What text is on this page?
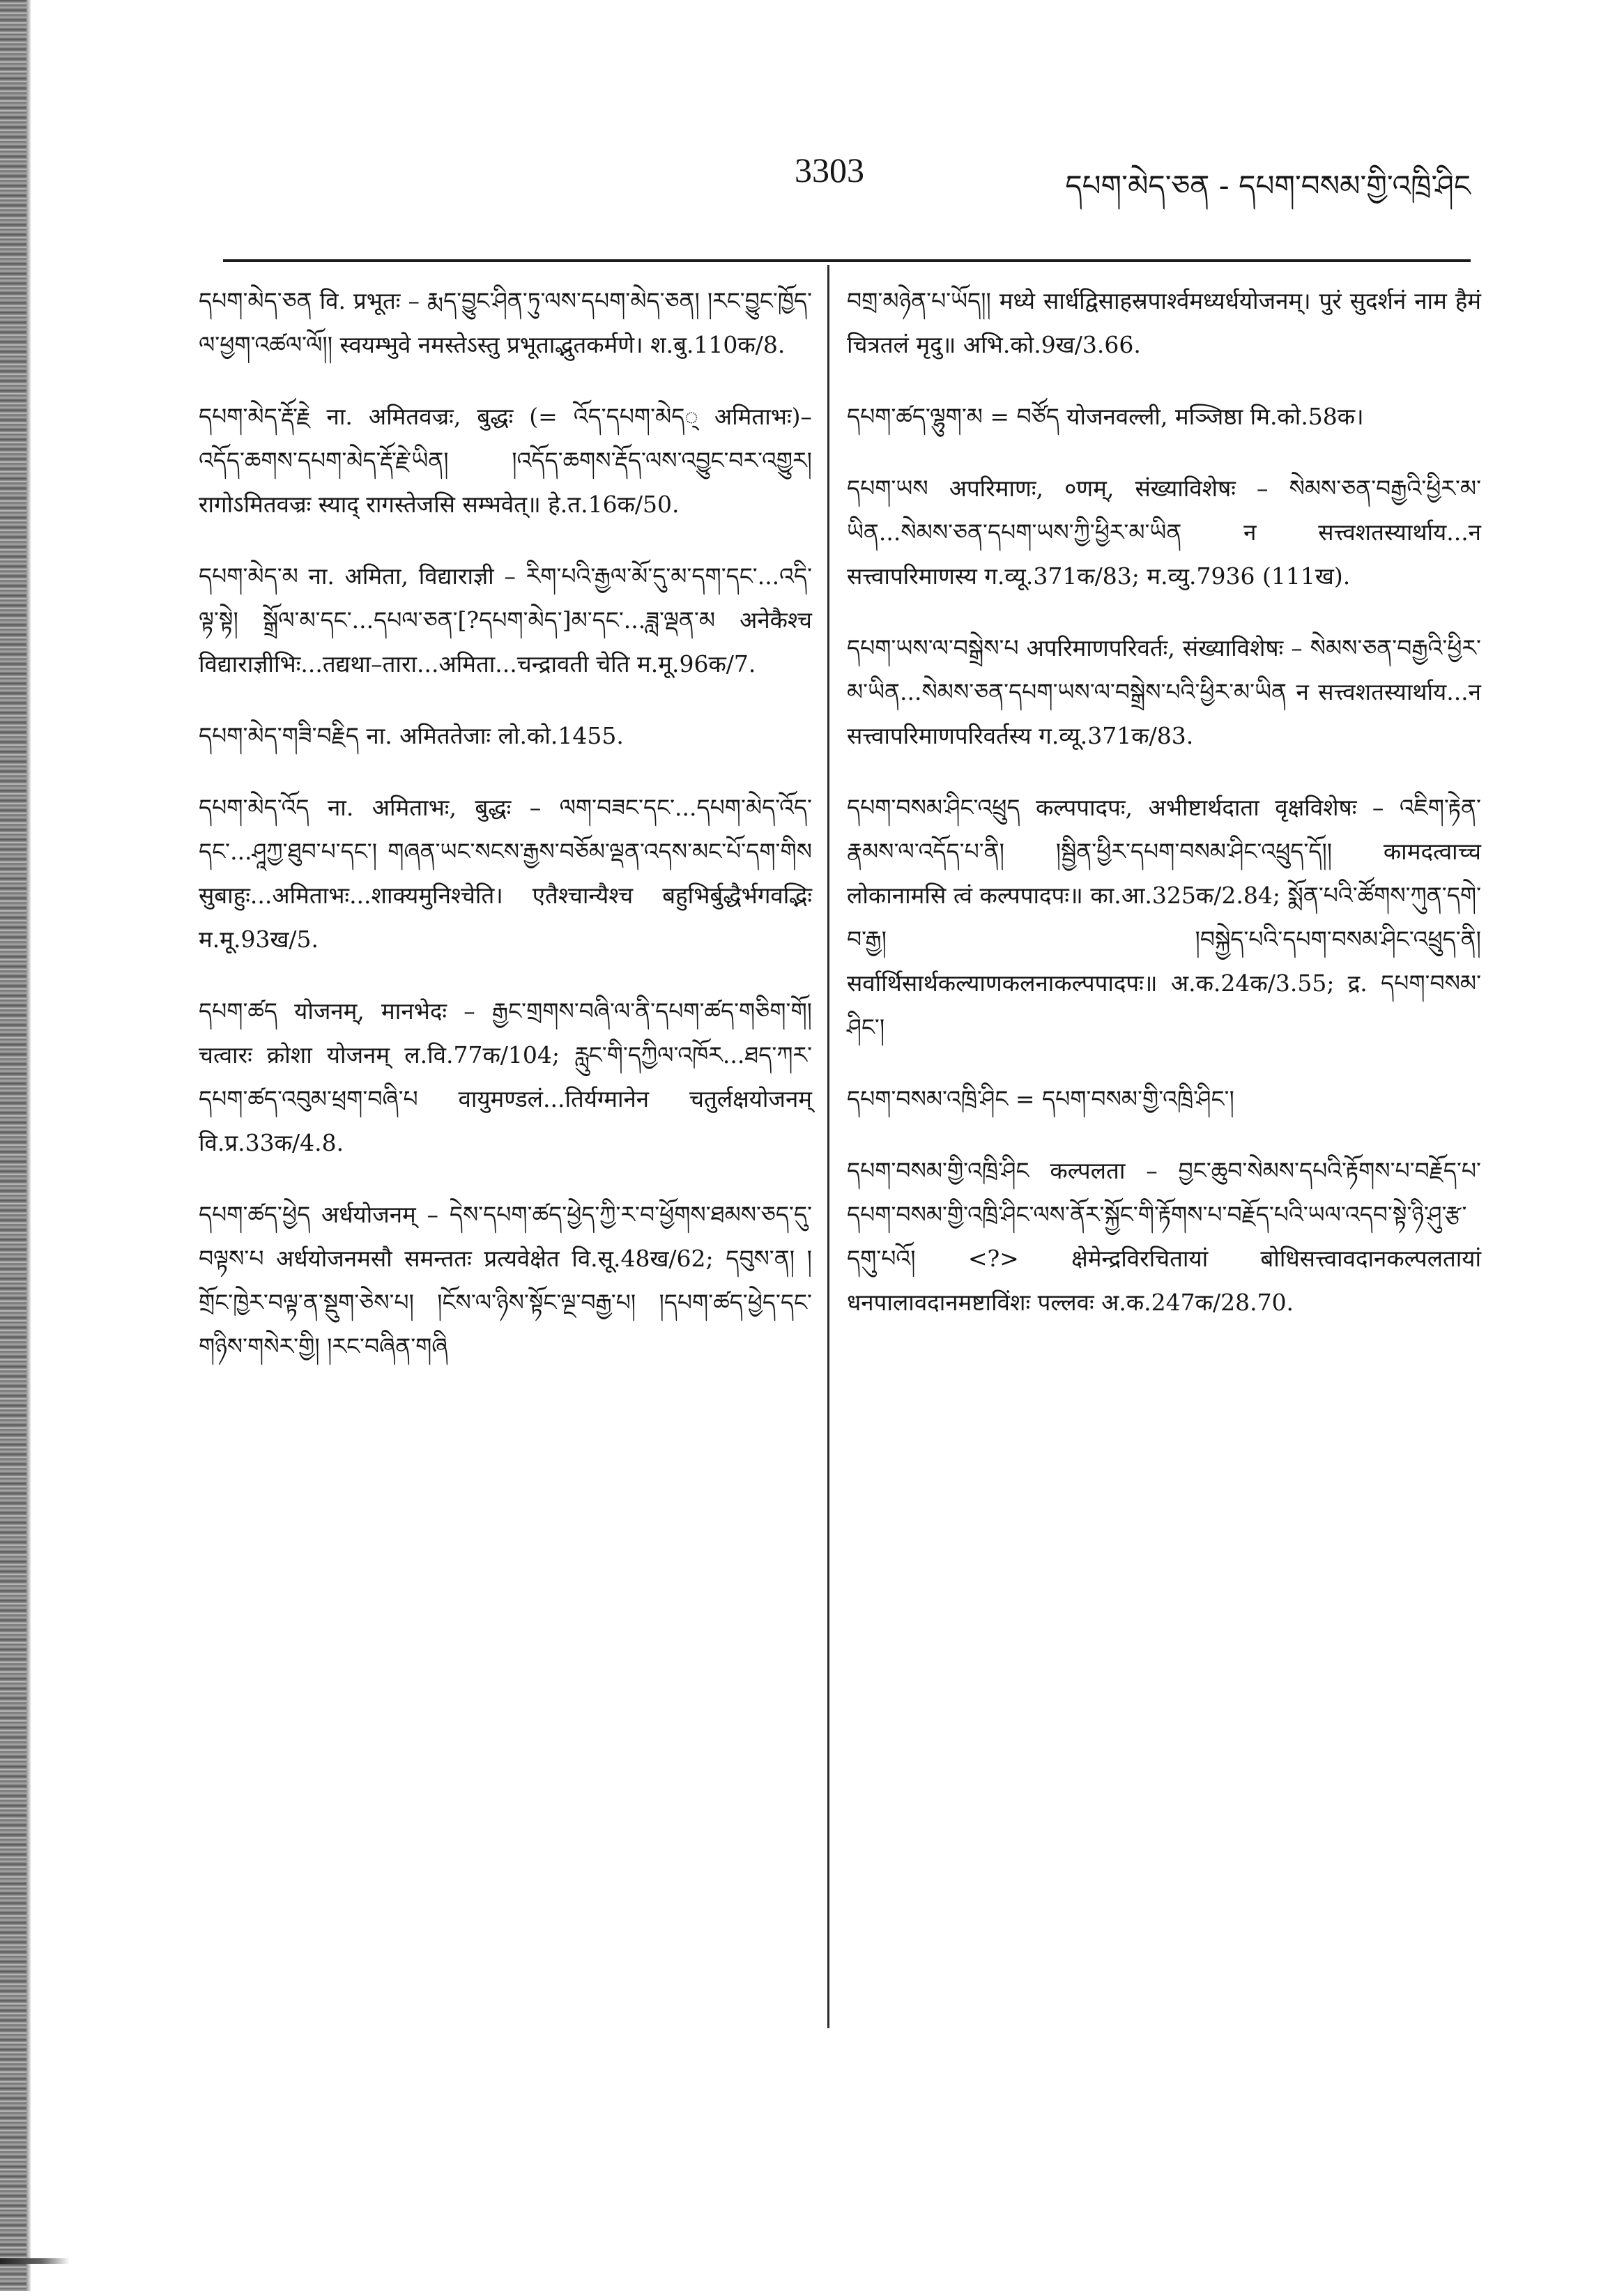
3303	དཔག་མེད་ཅན - དཔག་བསམ་གྱི་འཁྲི་ཤིང

དཔག་མེད་ཅན वि. प्रभूतः – རྨད་བྱུང་ཤིན་ཏུ་ལས་དཔག་མེད་ཅན། །རང་བྱུང་ཁྱོད་ལ་ཕྱག་འཚལ་ལོ།། स्वयम्भुवे नमस्तेऽस्तु प्रभूताद्भुतकर्मणे। श.बु.110क/8.

དཔག་མེད་རྡོ་རྗེ ना. अमितवज्रः, बुद्धः (= འོད་དཔག་མེད् अमिताभः)– འདོད་ཆགས་དཔག་མེད་རྡོ་རྗེ་ཡིན། །འདོད་ཆགས་རྡོད་ལས་འབྱུང་བར་འགྱུར། रागोऽमितवज्रः स्याद् रागस्तेजसि सम्भवेत्॥ हे.त.16क/50.

དཔག་མེད་མ ना. अमिता, विद्याराज्ञी – རིག་པའི་རྒྱལ་མོ་དུ་མ་དག་དང་...འདི་ལྟ་སྟེ། སྒྲོལ་མ་དང་...དཔལ་ཅན་[?དཔག་མེད་]མ་དང་...ཟླ་ལྡན་མ अनेकैश्च विद्याराज्ञीभिः...तद्यथा–तारा...अमिता...चन्द्रावती चेति म.मू.96क/7.

དཔག་མེད་གཟི་བརྗིད ना. अमिततेजाः लो.को.1455.

དཔག་མེད་འོད ना. अमिताभः, बुद्धः – ལག་བཟང་དང་...དཔག་མེད་འོད་དང་...ཤཱཀྱ་ཐུབ་པ་དང་། གཞན་ཡང་སངས་རྒྱས་བཅོམ་ལྡན་འདས་མང་པོ་དག་གིས सुबाहुः...अमिताभः...शाक्यमुनिश्चेति। एतैश्चान्यैश्च बहुभिर्बुद्धैर्भगवद्भिः म.मू.93ख/5.

དཔག་ཚད योजनम्, मानभेदः – རྒྱང་གྲགས་བཞི་ལ་ནི་དཔག་ཚད་གཅིག་གོ། चत्वारः क्रोशा योजनम् ल.वि.77क/104; རླུང་གི་དཀྱིལ་འཁོར...ཐད་ཀར་དཔག་ཚད་འབུམ་ཕྲག་བཞི་པ वायुमण्डलं...तिर्यग्मानेन चतुर्लक्षयोजनम् वि.प्र.33क/4.8.

དཔག་ཚད་ཕྱེད अर्धयोजनम् – དེས་དཔག་ཚད་ཕྱེད་ཀྱི་ར་བ་ཕྱོགས་ཐམས་ཅད་དུ་བལྟས་པ अर्धयोजनमसौ समन्ततः प्रत्यवेक्षेत वि.सू.48ख/62; དབུས་ན། །གྲོང་ཁྱེར་བལྟ་ན་སྡུག་ཅེས་པ། །ངོས་ལ་ཉིས་སྟོང་ལྔ་བརྒྱ་པ། །དཔག་ཚད་ཕྱེད་དང་གཉིས་གསེར་གྱི། །རང་བཞིན་གཞི

བགྲ་མཉེན་པ་ཡོད།། मध्ये सार्धद्विसाहस्रपार्श्वमध्यर्धयोजनम्। पुरं सुदर्शनं नाम हैमं चित्रतलं मृदु॥ अभि.को.9ख/3.66.

དཔག་ཚད་ལྷུག་མ = བཙོད योजनवल्ली, मञ्जिष्ठा मि.को.58क।

དཔག་ཡས अपरिमाणः, ०णम्, संख्याविशेषः – སེམས་ཅན་བརྒྱའི་ཕྱིར་མ་ཡིན...སེམས་ཅན་དཔག་ཡས་ཀྱི་ཕྱིར་མ་ཡིན न सत्त्वशतस्यार्थाय...न सत्त्वापरिमाणस्य ग.व्यू.371क/83; म.व्यु.7936 (111ख).

དཔག་ཡས་ལ་བསྒྲེས་པ अपरिमाणपरिवर्तः, संख्याविशेषः – སེམས་ཅན་བརྒྱའི་ཕྱིར་མ་ཡིན...སེམས་ཅན་དཔག་ཡས་ལ་བསྒྲེས་པའི་ཕྱིར་མ་ཡིན न सत्त्वशतस्यार्थाय...न सत्त्वापरिमाणपरिवर्तस्य ग.व्यू.371क/83.

དཔག་བསམ་ཤིང་འཕྲུད कल्पपादपः, अभीष्टार्थदाता वृक्षविशेषः – འཇིག་རྟེན་རྣམས་ལ་འདོད་པ་ནི། །སྦྱིན་ཕྱིར་དཔག་བསམ་ཤིང་འཕྲུད་དོ།། कामदत्वाच्च लोकानामसि त्वं कल्पपादपः॥ का.आ.325क/2.84; སྨོན་པའི་ཚོགས་ཀུན་དགེ་བ་རྒྱ། །བསྐྱེད་པའི་དཔག་བསམ་ཤིང་འཕྲུད་ནི། सर्वार्थिसार्थकल्याणकलनाकल्पपादपः॥ अ.क.24क/3.55; द्र. དཔག་བསམ་ཤིང་།

དཔག་བསམ་འཁྲི་ཤིང = དཔག་བསམ་གྱི་འཁྲི་ཤིང་།

དཔག་བསམ་གྱི་འཁྲི་ཤིང कल्पलता – བྱང་ཆུབ་སེམས་དཔའི་རྟོགས་པ་བརྗོད་པ་དཔག་བསམ་གྱི་འཁྲི་ཤིང་ལས་ནོར་སྐྱོང་གི་རྟོགས་པ་བརྗོད་པའི་ཡལ་འདབ་སྟེ་ཉི་ཤུ་རྩ་དགུ་པའོ། <?> क्षेमेन्द्रविरचितायां बोधिसत्त्वावदानकल्पलतायां धनपालावदानमष्टाविंशः पल्लवः अ.क.247क/28.70.
